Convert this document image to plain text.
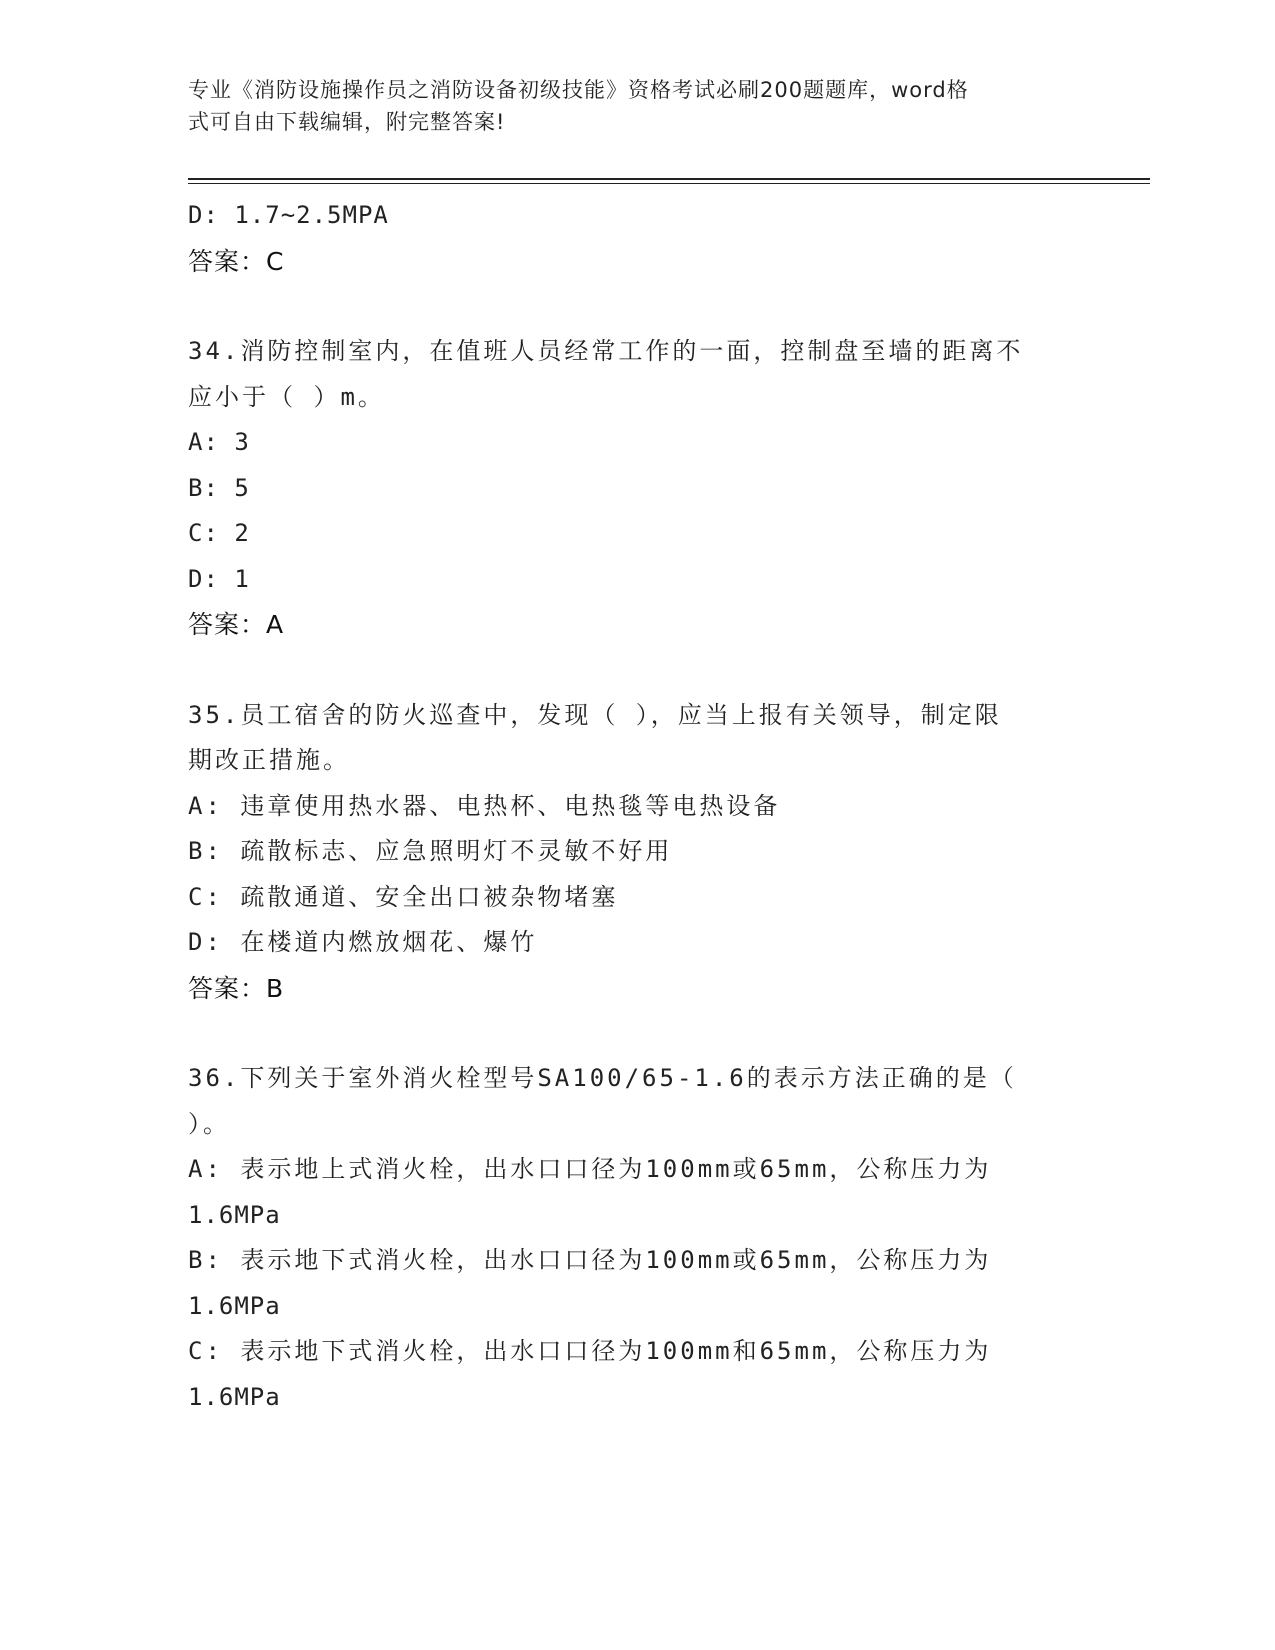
专业《消防设施操作员之消防设备初级技能》资格考试必刷200题题库，word格
式可自由下载编辑，附完整答案!
D: 1.7~2.5MPA
答案：C
34.消防控制室内，在值班人员经常工作的一面，控制盘至墙的距离不
应小于（ ）m。
A: 3
B: 5
C: 2
D: 1
答案：A
35.员工宿舍的防火巡查中，发现（ ），应当上报有关领导，制定限
期改正措施。
A: 违章使用热水器、电热杯、电热毯等电热设备
B: 疏散标志、应急照明灯不灵敏不好用
C: 疏散通道、安全出口被杂物堵塞
D: 在楼道内燃放烟花、爆竹
答案：B
36.下列关于室外消火栓型号SA100/65-1.6的表示方法正确的是（
）。
A: 表示地上式消火栓，出水口口径为100mm或65mm，公称压力为
1.6MPa
B: 表示地下式消火栓，出水口口径为100mm或65mm，公称压力为
1.6MPa
C: 表示地下式消火栓，出水口口径为100mm和65mm，公称压力为
1.6MPa
